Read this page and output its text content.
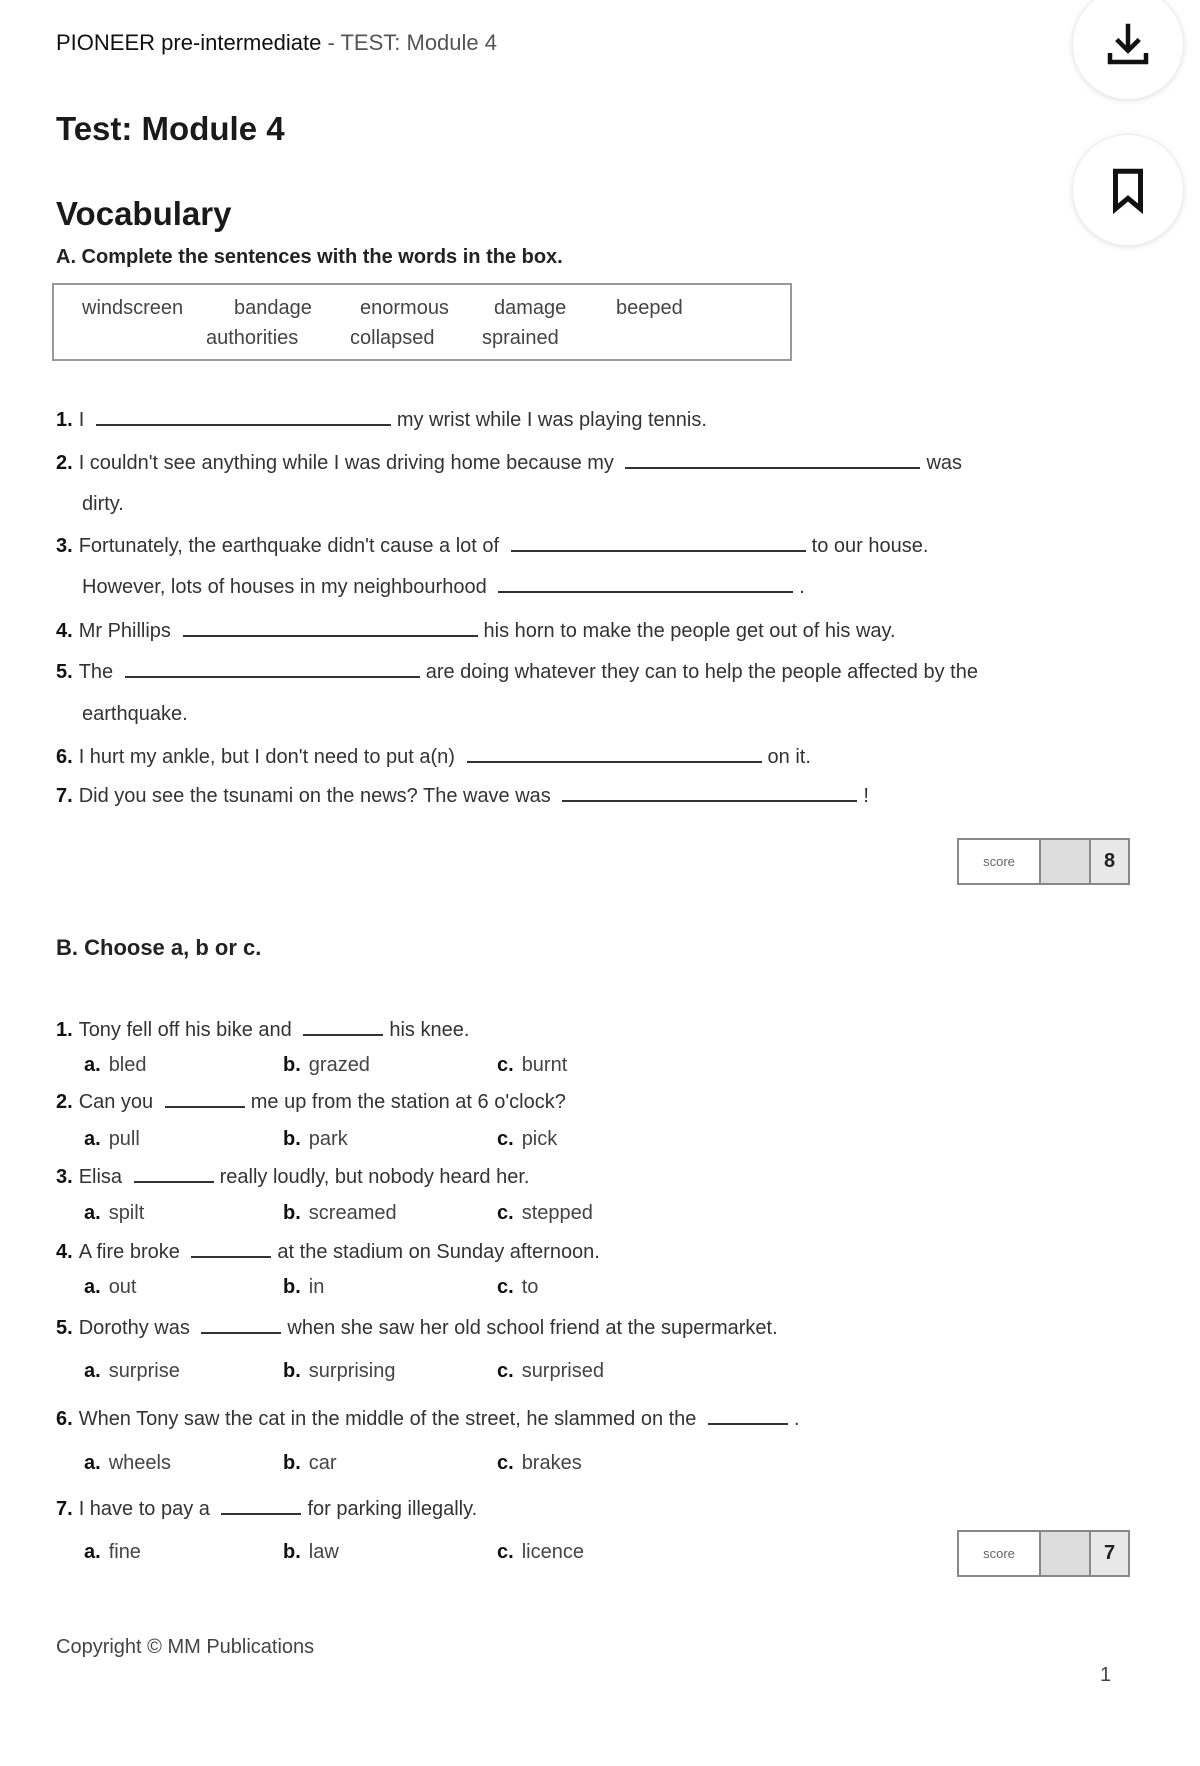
PIONEER pre-intermediate - TEST: Module 4
Test: Module 4
Vocabulary
A. Complete the sentences with the words in the box.
windscreen	bandage enormous damage beeped
authorities	collapsed sprained
1. I	my wrist while I was playing tennis.
2. I couldn't see anything while I was driving home because my	was
dirty.
3. Fortunately, the earthquake didn't cause a lot of	to our house.
However, lots of houses in my neighbourhood	.
4. Mr Phillips	his horn to make the people get out of his way.
5. The	are doing whatever they can to help the people affected by the
earthquake.
6. I hurt my ankle, but I don't need to put a(n)	on it.
7. Did you see the tsunami on the news? The wave was	!
score	8
B. Choose a, b or c.
1. Tony fell off his bike and	his knee.
a. bled	b. grazed	c. burnt
2. Can you	me up from the station at 6 o'clock?
a. pull	b. park	c. pick
3. Elisa	really loudly, but nobody heard her.
a. spilt	b. screamed	c. stepped
4. A fire broke	at the stadium on Sunday afternoon.
a. out	b. in	c. to
5. Dorothy was	when she saw her old school friend at the supermarket.
a. surprise	b. surprising	c. surprised
6. When Tony saw the cat in the middle of the street, he slammed on the	.
a. wheels	b. car	c. brakes
7. I have to pay a	for parking illegally.
a. fine	b. law	c. licence	score	7
Copyright © MM Publications
1
